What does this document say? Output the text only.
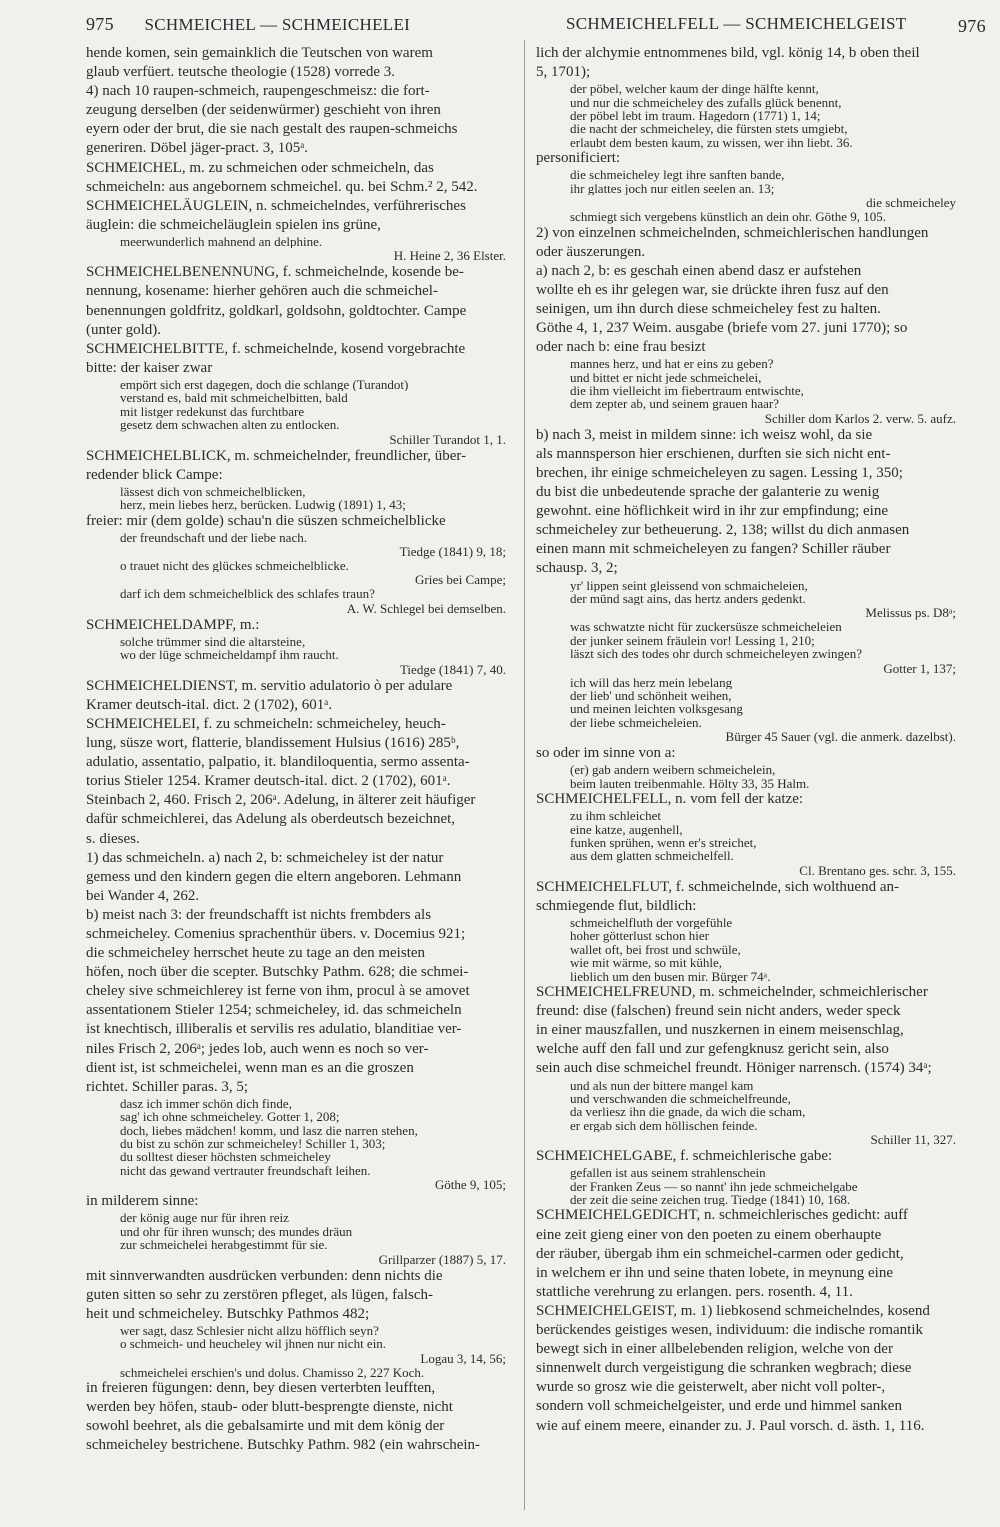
975 SCHMEICHEL — SCHMEICHELEI	SCHMEICHELFELL — SCHMEICHELGEIST	976

hende komen, sein gemainklich die Teutschen von warem

glaub verfüert. teutsche theologie (1528) vorrede 3.

4) nach 10 raupen-schmeich, raupengeschmeisz: die fort-

zeugung derselben (der seidenwürmer) geschieht von ihren

eyern oder der brut, die sie nach gestalt des raupen-schmeichs

generiren. Döbel jäger-pract. 3, 105ᵃ.

SCHMEICHEL, m. zu schmeichen oder schmeicheln, das

schmeicheln: aus angebornem schmeichel. qu. bei Schm.² 2, 542.

SCHMEICHELÄUGLEIN, n. schmeichelndes, verführerisches

äuglein: die schmeicheläuglein spielen ins grüne,

meerwunderlich mahnend an delphine.

H. Heine 2, 36 Elster.

SCHMEICHELBENENNUNG, f. schmeichelnde, kosende be-

nennung, kosename: hierher gehören auch die schmeichel-

benennungen goldfritz, goldkarl, goldsohn, goldtochter. Campe

(unter gold).

SCHMEICHELBITTE, f. schmeichelnde, kosend vorgebrachte

bitte: der kaiser zwar

empört sich erst dagegen, doch die schlange (Turandot)

verstand es, bald mit schmeichelbitten, bald

mit listger redekunst das furchtbare

gesetz dem schwachen alten zu entlocken.

Schiller Turandot 1, 1.

SCHMEICHELBLICK, m. schmeichelnder, freundlicher, über-

redender blick Campe:

lässest dich von schmeichelblicken,

herz, mein liebes herz, berücken. Ludwig (1891) 1, 43;

freier: mir (dem golde) schau'n die süszen schmeichelblicke

der freundschaft und der liebe nach.

Tiedge (1841) 9, 18;

o trauet nicht des glückes schmeichelblicke.

Gries bei Campe;

darf ich dem schmeichelblick des schlafes traun?

A. W. Schlegel bei demselben.

SCHMEICHELDAMPF, m.:

solche trümmer sind die altarsteine,

wo der lüge schmeicheldampf ihm raucht.

Tiedge (1841) 7, 40.

SCHMEICHELDIENST, m. servitio adulatorio ò per adulare

Kramer deutsch-ital. dict. 2 (1702), 601ᵃ.

SCHMEICHELEI, f. zu schmeicheln: schmeicheley, heuch-

lung, süsze wort, flatterie, blandissement Hulsius (1616) 285ᵇ,

adulatio, assentatio, palpatio, it. blandiloquentia, sermo assenta-

torius Stieler 1254. Kramer deutsch-ital. dict. 2 (1702), 601ᵃ.

Steinbach 2, 460. Frisch 2, 206ᵃ. Adelung, in älterer zeit häufiger

dafür schmeichlerei, das Adelung als oberdeutsch bezeichnet,

s. dieses.

1) das schmeicheln. a) nach 2, b: schmeicheley ist der natur

gemess und den kindern gegen die eltern angeboren. Lehmann

bei Wander 4, 262.

b) meist nach 3: der freundschafft ist nichts frembders als

schmeicheley. Comenius sprachenthür übers. v. Docemius 921;

die schmeicheley herrschet heute zu tage an den meisten

höfen, noch über die scepter. Butschky Pathm. 628; die schmei-

cheley sive schmeichlerey ist ferne von ihm, procul à se amovet

assentationem Stieler 1254; schmeicheley, id. das schmeicheln

ist knechtisch, illiberalis et servilis res adulatio, blanditiae ver-

niles Frisch 2, 206ᵃ; jedes lob, auch wenn es noch so ver-

dient ist, ist schmeichelei, wenn man es an die groszen

richtet. Schiller paras. 3, 5;

dasz ich immer schön dich finde,

sag' ich ohne schmeicheley. Gotter 1, 208;

doch, liebes mädchen! komm, und lasz die narren stehen,

du bist zu schön zur schmeicheley! Schiller 1, 303;

du solltest dieser höchsten schmeicheley

nicht das gewand vertrauter freundschaft leihen.

Göthe 9, 105;

in milderem sinne:

der könig auge nur für ihren reiz

und ohr für ihren wunsch; des mundes dräun

zur schmeichelei herabgestimmt für sie.

Grillparzer (1887) 5, 17.

mit sinnverwandten ausdrücken verbunden: denn nichts die

guten sitten so sehr zu zerstören pfleget, als lügen, falsch-

heit und schmeicheley. Butschky Pathmos 482;

wer sagt, dasz Schlesier nicht allzu höfflich seyn?

o schmeich- und heucheley wil jhnen nur nicht ein.

Logau 3, 14, 56;

schmeichelei erschien's und dolus. Chamisso 2, 227 Koch.

in freieren fügungen: denn, bey diesen verterbten leufften,

werden bey höfen, staub- oder blutt-besprengte dienste, nicht

sowohl beehret, als die gebalsamirte und mit dem könig der

schmeicheley bestrichene. Butschky Pathm. 982 (ein wahrschein-

lich der alchymie entnommenes bild, vgl. könig 14, b oben theil

5, 1701);

der pöbel, welcher kaum der dinge hälfte kennt,

und nur die schmeicheley des zufalls glück benennt,

der pöbel lebt im traum. Hagedorn (1771) 1, 14;

die nacht der schmeicheley, die fürsten stets umgiebt,

erlaubt dem besten kaum, zu wissen, wer ihn liebt. 36.

personificiert:

die schmeicheley legt ihre sanften bande,

ihr glattes joch nur eitlen seelen an. 13;

die schmeicheley

schmiegt sich vergebens künstlich an dein ohr. Göthe 9, 105.

2) von einzelnen schmeichelnden, schmeichlerischen handlungen

oder äuszerungen.

a) nach 2, b: es geschah einen abend dasz er aufstehen

wollte eh es ihr gelegen war, sie drückte ihren fusz auf den

seinigen, um ihn durch diese schmeicheley fest zu halten.

Göthe 4, 1, 237 Weim. ausgabe (briefe vom 27. juni 1770); so

oder nach b: eine frau besizt

mannes herz, und hat er eins zu geben?

und bittet er nicht jede schmeichelei,

die ihm vielleicht im fiebertraum entwischte,

dem zepter ab, und seinem grauen haar?

Schiller dom Karlos 2. verw. 5. aufz.

b) nach 3, meist in mildem sinne: ich weisz wohl, da sie

als mannsperson hier erschienen, durften sie sich nicht ent-

brechen, ihr einige schmeicheleyen zu sagen. Lessing 1, 350;

du bist die unbedeutende sprache der galanterie zu wenig

gewohnt. eine höflichkeit wird in ihr zur empfindung; eine

schmeicheley zur betheuerung. 2, 138; willst du dich anmasen

einen mann mit schmeicheleyen zu fangen? Schiller räuber

schausp. 3, 2;

yr' lippen seint gleissend von schmaicheleien,

der mūnd sagt ains, das hertz anders gedenkt.

Melissus ps. D8ᵃ;

was schwatzte nicht für zuckersüsze schmeicheleien

der junker seinem fräulein vor! Lessing 1, 210;

läszt sich des todes ohr durch schmeicheleyen zwingen?

Gotter 1, 137;

ich will das herz mein lebelang

der lieb' und schönheit weihen,

und meinen leichten volksgesang

der liebe schmeicheleien.

Bürger 45 Sauer (vgl. die anmerk. dazelbst).

so oder im sinne von a:

(er) gab andern weibern schmeichelein,

beim lauten treibenmahle. Hölty 33, 35 Halm.

SCHMEICHELFELL, n. vom fell der katze:

zu ihm schleichet

eine katze, augenhell,

funken sprühen, wenn er's streichet,

aus dem glatten schmeichelfell.

Cl. Brentano ges. schr. 3, 155.

SCHMEICHELFLUT, f. schmeichelnde, sich wolthuend an-

schmiegende flut, bildlich:

schmeichelfluth der vorgefühle

hoher götterlust schon hier

wallet oft, bei frost und schwüle,

wie mit wärme, so mit kühle,

lieblich um den busen mir. Bürger 74ᵃ.

SCHMEICHELFREUND, m. schmeichelnder, schmeichlerischer

freund: dise (falschen) freund sein nicht anders, weder speck

in einer mauszfallen, und nuszkernen in einem meisenschlag,

welche auff den fall und zur gefengknusz gericht sein, also

sein auch dise schmeichel freundt. Höniger narrensch. (1574) 34ᵃ;

und als nun der bittere mangel kam

und verschwanden die schmeichelfreunde,

da verliesz ihn die gnade, da wich die scham,

er ergab sich dem höllischen feinde.

Schiller 11, 327.

SCHMEICHELGABE, f. schmeichlerische gabe:

gefallen ist aus seinem strahlenschein

der Franken Zeus — so nannt' ihn jede schmeichelgabe

der zeit die seine zeichen trug. Tiedge (1841) 10, 168.

SCHMEICHELGEDICHT, n. schmeichlerisches gedicht: auff

eine zeit gieng einer von den poeten zu einem oberhaupte

der räuber, übergab ihm ein schmeichel-carmen oder gedicht,

in welchem er ihn und seine thaten lobete, in meynung eine

stattliche verehrung zu erlangen. pers. rosenth. 4, 11.

SCHMEICHELGEIST, m. 1) liebkosend schmeichelndes, kosend

berückendes geistiges wesen, individuum: die indische romantik

bewegt sich in einer allbelebenden religion, welche von der

sinnenwelt durch vergeistigung die schranken wegbrach; diese

wurde so grosz wie die geisterwelt, aber nicht voll polter-,

sondern voll schmeichelgeister, und erde und himmel sanken

wie auf einem meere, einander zu. J. Paul vorsch. d. ästh. 1, 116.
